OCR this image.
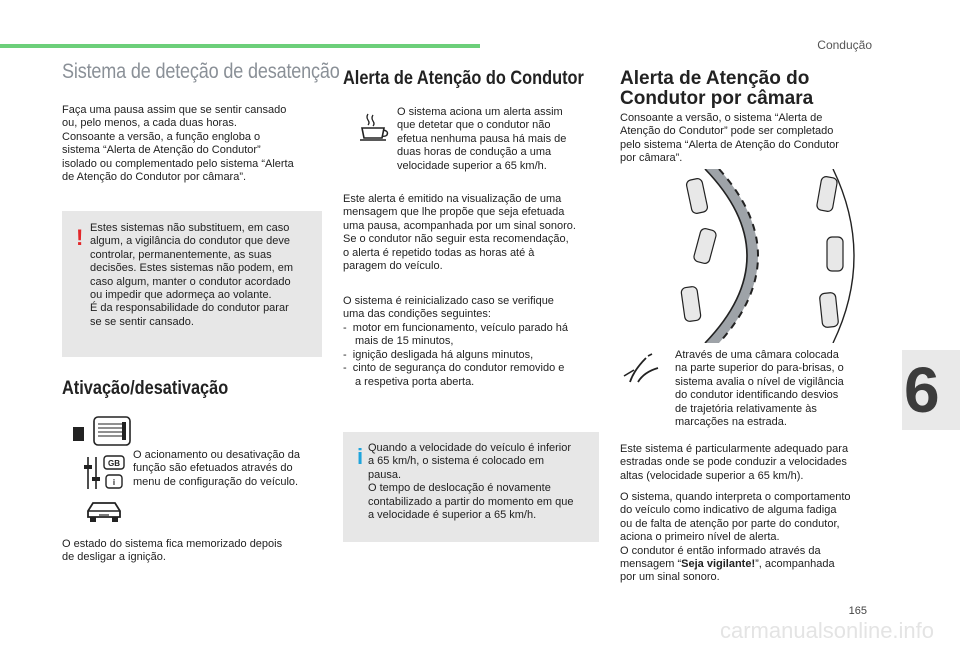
Condução
Sistema de deteção de desatenção

Faça uma pausa assim que se sentir cansado

ou, pelo menos, a cada duas horas.

Consoante a versão, a função engloba o

sistema “Alerta de Atenção do Condutor”

isolado ou complementado pelo sistema “Alerta

de Atenção do Condutor por câmara”.

! Estes sistemas não substituem, em caso
algum, a vigilância do condutor que deve
controlar, permanentemente, as suas
decisões. Estes sistemas não podem, em
caso algum, manter o condutor acordado
ou impedir que adormeça ao volante.
É da responsabilidade do condutor parar
se se sentir cansado.

Ativação/desativação
GB
i

O acionamento ou desativação da
função são efetuados através do
menu de configuração do veículo.

O estado do sistema fica memorizado depois
de desligar a ignição.

Alerta de Atenção do Condutor

O sistema aciona um alerta assim
que detetar que o condutor não
efetua nenhuma pausa há mais de
duas horas de condução a uma
velocidade superior a 65 km/h.

Este alerta é emitido na visualização de uma
mensagem que lhe propõe que seja efetuada
uma pausa, acompanhada por um sinal sonoro.
Se o condutor não seguir esta recomendação,
o alerta é repetido todas as horas até à
paragem do veículo.

O sistema é reinicializado caso se verifique
uma das condições seguintes:

-  motor em funcionamento, veículo parado há
mais de 15 minutos,
-  ignição desligada há alguns minutos,
-  cinto de segurança do condutor removido e
a respetiva porta aberta.
i Quando a velocidade do veículo é inferior
a 65 km/h, o sistema é colocado em
pausa.
O tempo de deslocação é novamente
contabilizado a partir do momento em que
a velocidade é superior a 65 km/h.

Alerta de Atenção do
Condutor por câmara

Consoante a versão, o sistema “Alerta de
Atenção do Condutor” pode ser completado
pelo sistema “Alerta de Atenção do Condutor
por câmara”.

Através de uma câmara colocada
na parte superior do para-brisas, o
sistema avalia o nível de vigilância
do condutor identificando desvios
de trajetória relativamente às
marcações na estrada.

Este sistema é particularmente adequado para
estradas onde se pode conduzir a velocidades
altas (velocidade superior a 65 km/h).

O sistema, quando interpreta o comportamento
do veículo como indicativo de alguma fadiga
ou de falta de atenção por parte do condutor,
aciona o primeiro nível de alerta.
O condutor é então informado através da
mensagem “Seja vigilante!”, acompanhada
por um sinal sonoro.

6
165
carmanualsonline.info
